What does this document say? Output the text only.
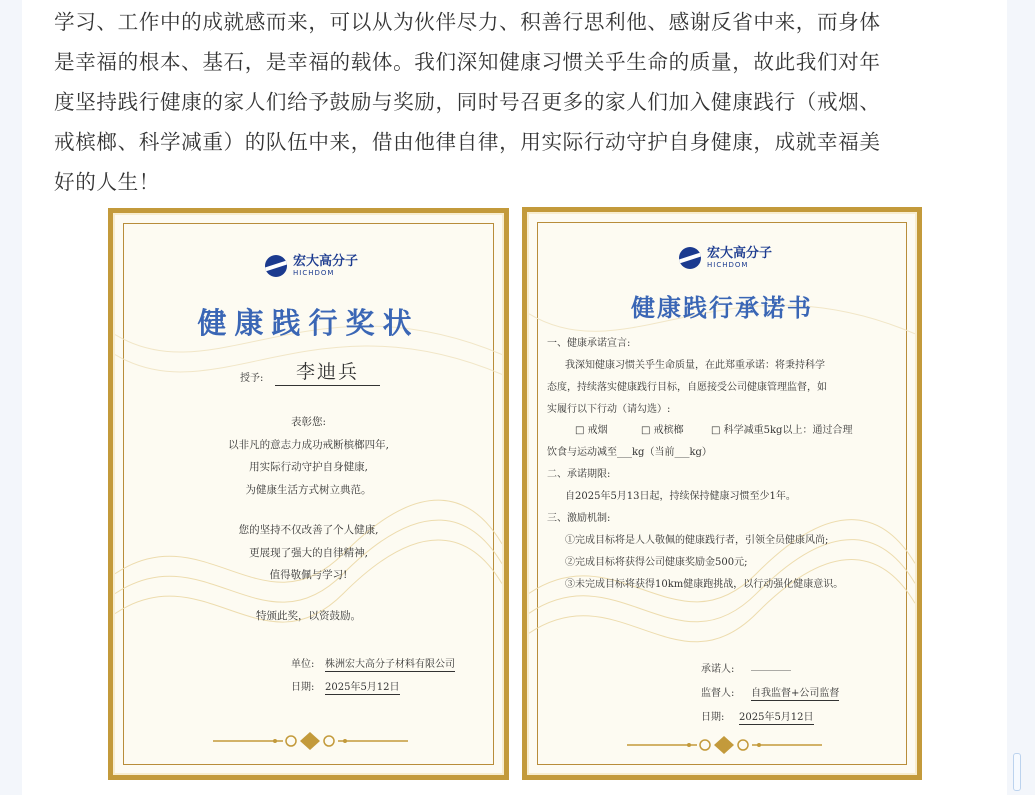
学习、工作中的成就感而来，可以从为伙伴尽力、积善行思利他、感谢反省中来，而身体
是幸福的根本、基石，是幸福的载体。我们深知健康习惯关乎生命的质量，故此我们对年
度坚持践行健康的家人们给予鼓励与奖励，同时号召更多的家人们加入健康践行（戒烟、
戒槟榔、科学减重）的队伍中来，借由他律自律，用实际行动守护自身健康，成就幸福美
好的人生！
宏大高分子
HICHDOM
健康践行奖状
授予:	李迪兵
表彰您:
以非凡的意志力成功戒断槟榔四年,
用实际行动守护自身健康,
为健康生活方式树立典范。
您的坚持不仅改善了个人健康,
更展现了强大的自律精神,
值得敬佩与学习!
特颁此奖，以资鼓励。
单位: 株洲宏大高分子材料有限公司
日期: 2025年5月12日
宏大高分子
HICHDOM
健康践行承诺书
一、健康承诺宣言:
我深知健康习惯关乎生命质量，在此郑重承诺：将秉持科学
态度，持续落实健康践行目标，自愿接受公司健康管理监督，如
实履行以下行动（请勾选）:
□ 戒烟	□ 戒槟榔	□ 科学减重5kg以上：通过合理
饮食与运动减至___kg（当前___kg）
二、承诺期限:
自2025年5月13日起，持续保持健康习惯至少1年。
三、激励机制:
①完成目标将是人人敬佩的健康践行者，引领全员健康风尚;
②完成目标将获得公司健康奖励金500元;
③未完成目标将获得10km健康跑挑战，以行动强化健康意识。
承诺人: ________
监督人: 自我监督+公司监督
日期: 2025年5月12日
